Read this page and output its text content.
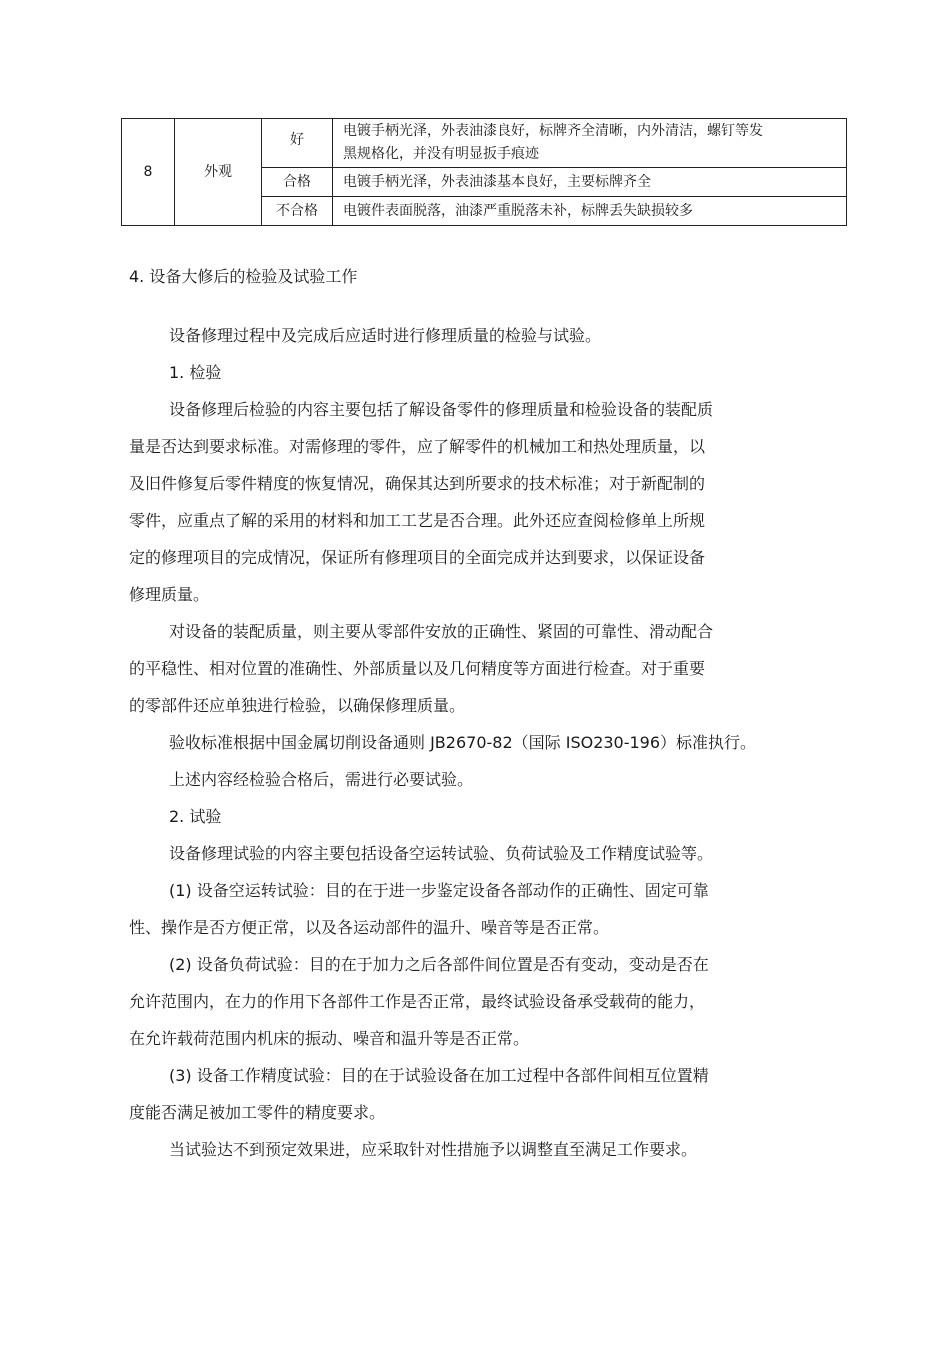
8	外观	好	电镀手柄光泽，外表油漆良好，标牌齐全清晰，内外清洁，螺钉等发
黑规格化，并没有明显扳手痕迹

		合格	电镀手柄光泽，外表油漆基本良好，主要标牌齐全

		不合格	电镀件表面脱落，油漆严重脱落未补，标牌丢失缺损较多

4. 设备大修后的检验及试验工作

设备修理过程中及完成后应适时进行修理质量的检验与试验。

1. 检验

设备修理后检验的内容主要包括了解设备零件的修理质量和检验设备的装配质

量是否达到要求标准。对需修理的零件，应了解零件的机械加工和热处理质量，以

及旧件修复后零件精度的恢复情况，确保其达到所要求的技术标准；对于新配制的

零件，应重点了解的采用的材料和加工工艺是否合理。此外还应查阅检修单上所规

定的修理项目的完成情况，保证所有修理项目的全面完成并达到要求，以保证设备

修理质量。

对设备的装配质量，则主要从零部件安放的正确性、紧固的可靠性、滑动配合

的平稳性、相对位置的准确性、外部质量以及几何精度等方面进行检查。对于重要

的零部件还应单独进行检验，以确保修理质量。

验收标准根据中国金属切削设备通则 JB2670-82（国际 ISO230-196）标准执行。

上述内容经检验合格后，需进行必要试验。

2. 试验

设备修理试验的内容主要包括设备空运转试验、负荷试验及工作精度试验等。

(1) 设备空运转试验：目的在于进一步鉴定设备各部动作的正确性、固定可靠

性、操作是否方便正常，以及各运动部件的温升、噪音等是否正常。

(2) 设备负荷试验：目的在于加力之后各部件间位置是否有变动，变动是否在

允许范围内，在力的作用下各部件工作是否正常，最终试验设备承受载荷的能力，

在允许载荷范围内机床的振动、噪音和温升等是否正常。

(3) 设备工作精度试验：目的在于试验设备在加工过程中各部件间相互位置精

度能否满足被加工零件的精度要求。

当试验达不到预定效果进，应采取针对性措施予以调整直至满足工作要求。
